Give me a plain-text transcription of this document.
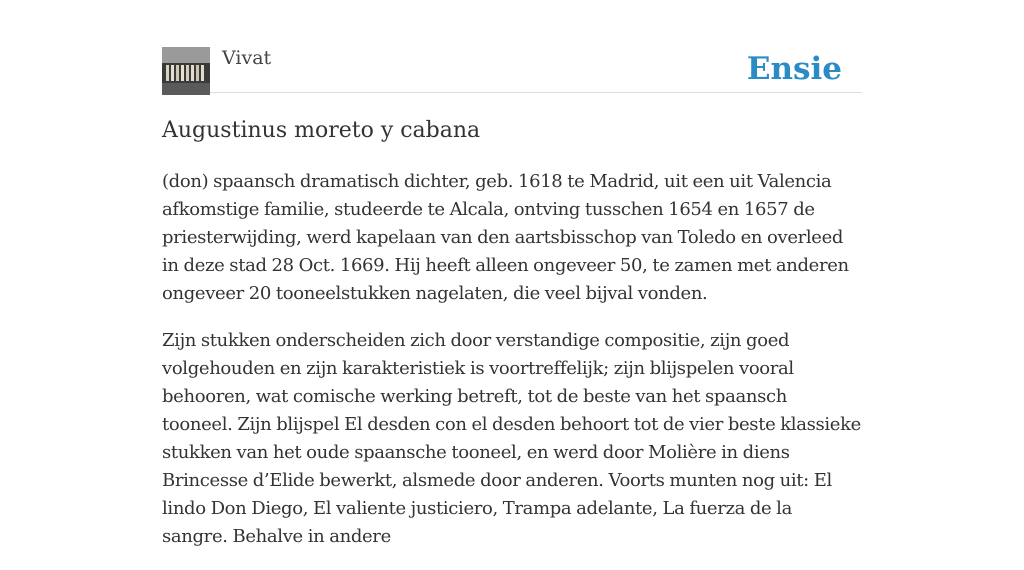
Vivat	Ensie
Augustinus moreto y cabana

(don) spaansch dramatisch dichter, geb. 1618 te Madrid, uit een uit Valencia afkomstige familie, studeerde te Alcala, ontving tusschen 1654 en 1657 de priesterwijding, werd kapelaan van den aartsbisschop van Toledo en overleed in deze stad 28 Oct. 1669. Hij heeft alleen ongeveer 50, te zamen met anderen ongeveer 20 tooneelstukken nagelaten, die veel bijval vonden.

Zijn stukken onderscheiden zich door verstandige compositie, zijn goed volgehouden en zijn karakteristiek is voortreffelijk; zijn blijspelen vooral behooren, wat comische werking betreft, tot de beste van het spaansch tooneel. Zijn blijspel El desden con el desden behoort tot de vier beste klassieke stukken van het oude spaansche tooneel, en werd door Molière in diens Brincesse d’Elide bewerkt, alsmede door anderen. Voorts munten nog uit: El lindo Don Diego, El valiente justiciero, Trampa adelante, La fuerza de la sangre. Behalve in andere
